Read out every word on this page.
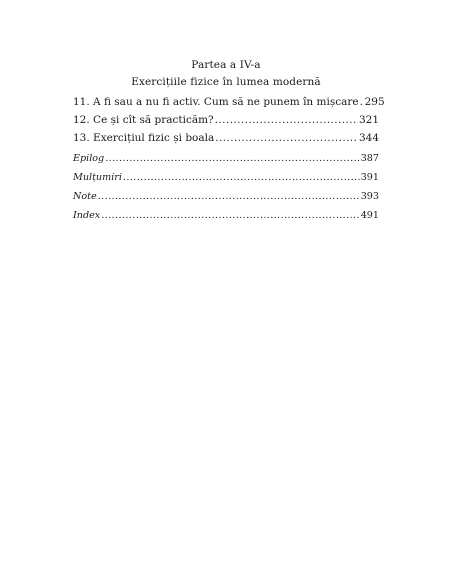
Partea a IV-a
Exercițiile fizice în lumea modernă
11. A fi sau a nu fi activ. Cum să ne punem în mișcare ..... 295
12. Ce și cît să practicăm? .....	321
13. Exercițiul fizic și boala .....	344
Epilog .....	387
Mulțumiri .....	391
Note .....	393
Index .....	491
